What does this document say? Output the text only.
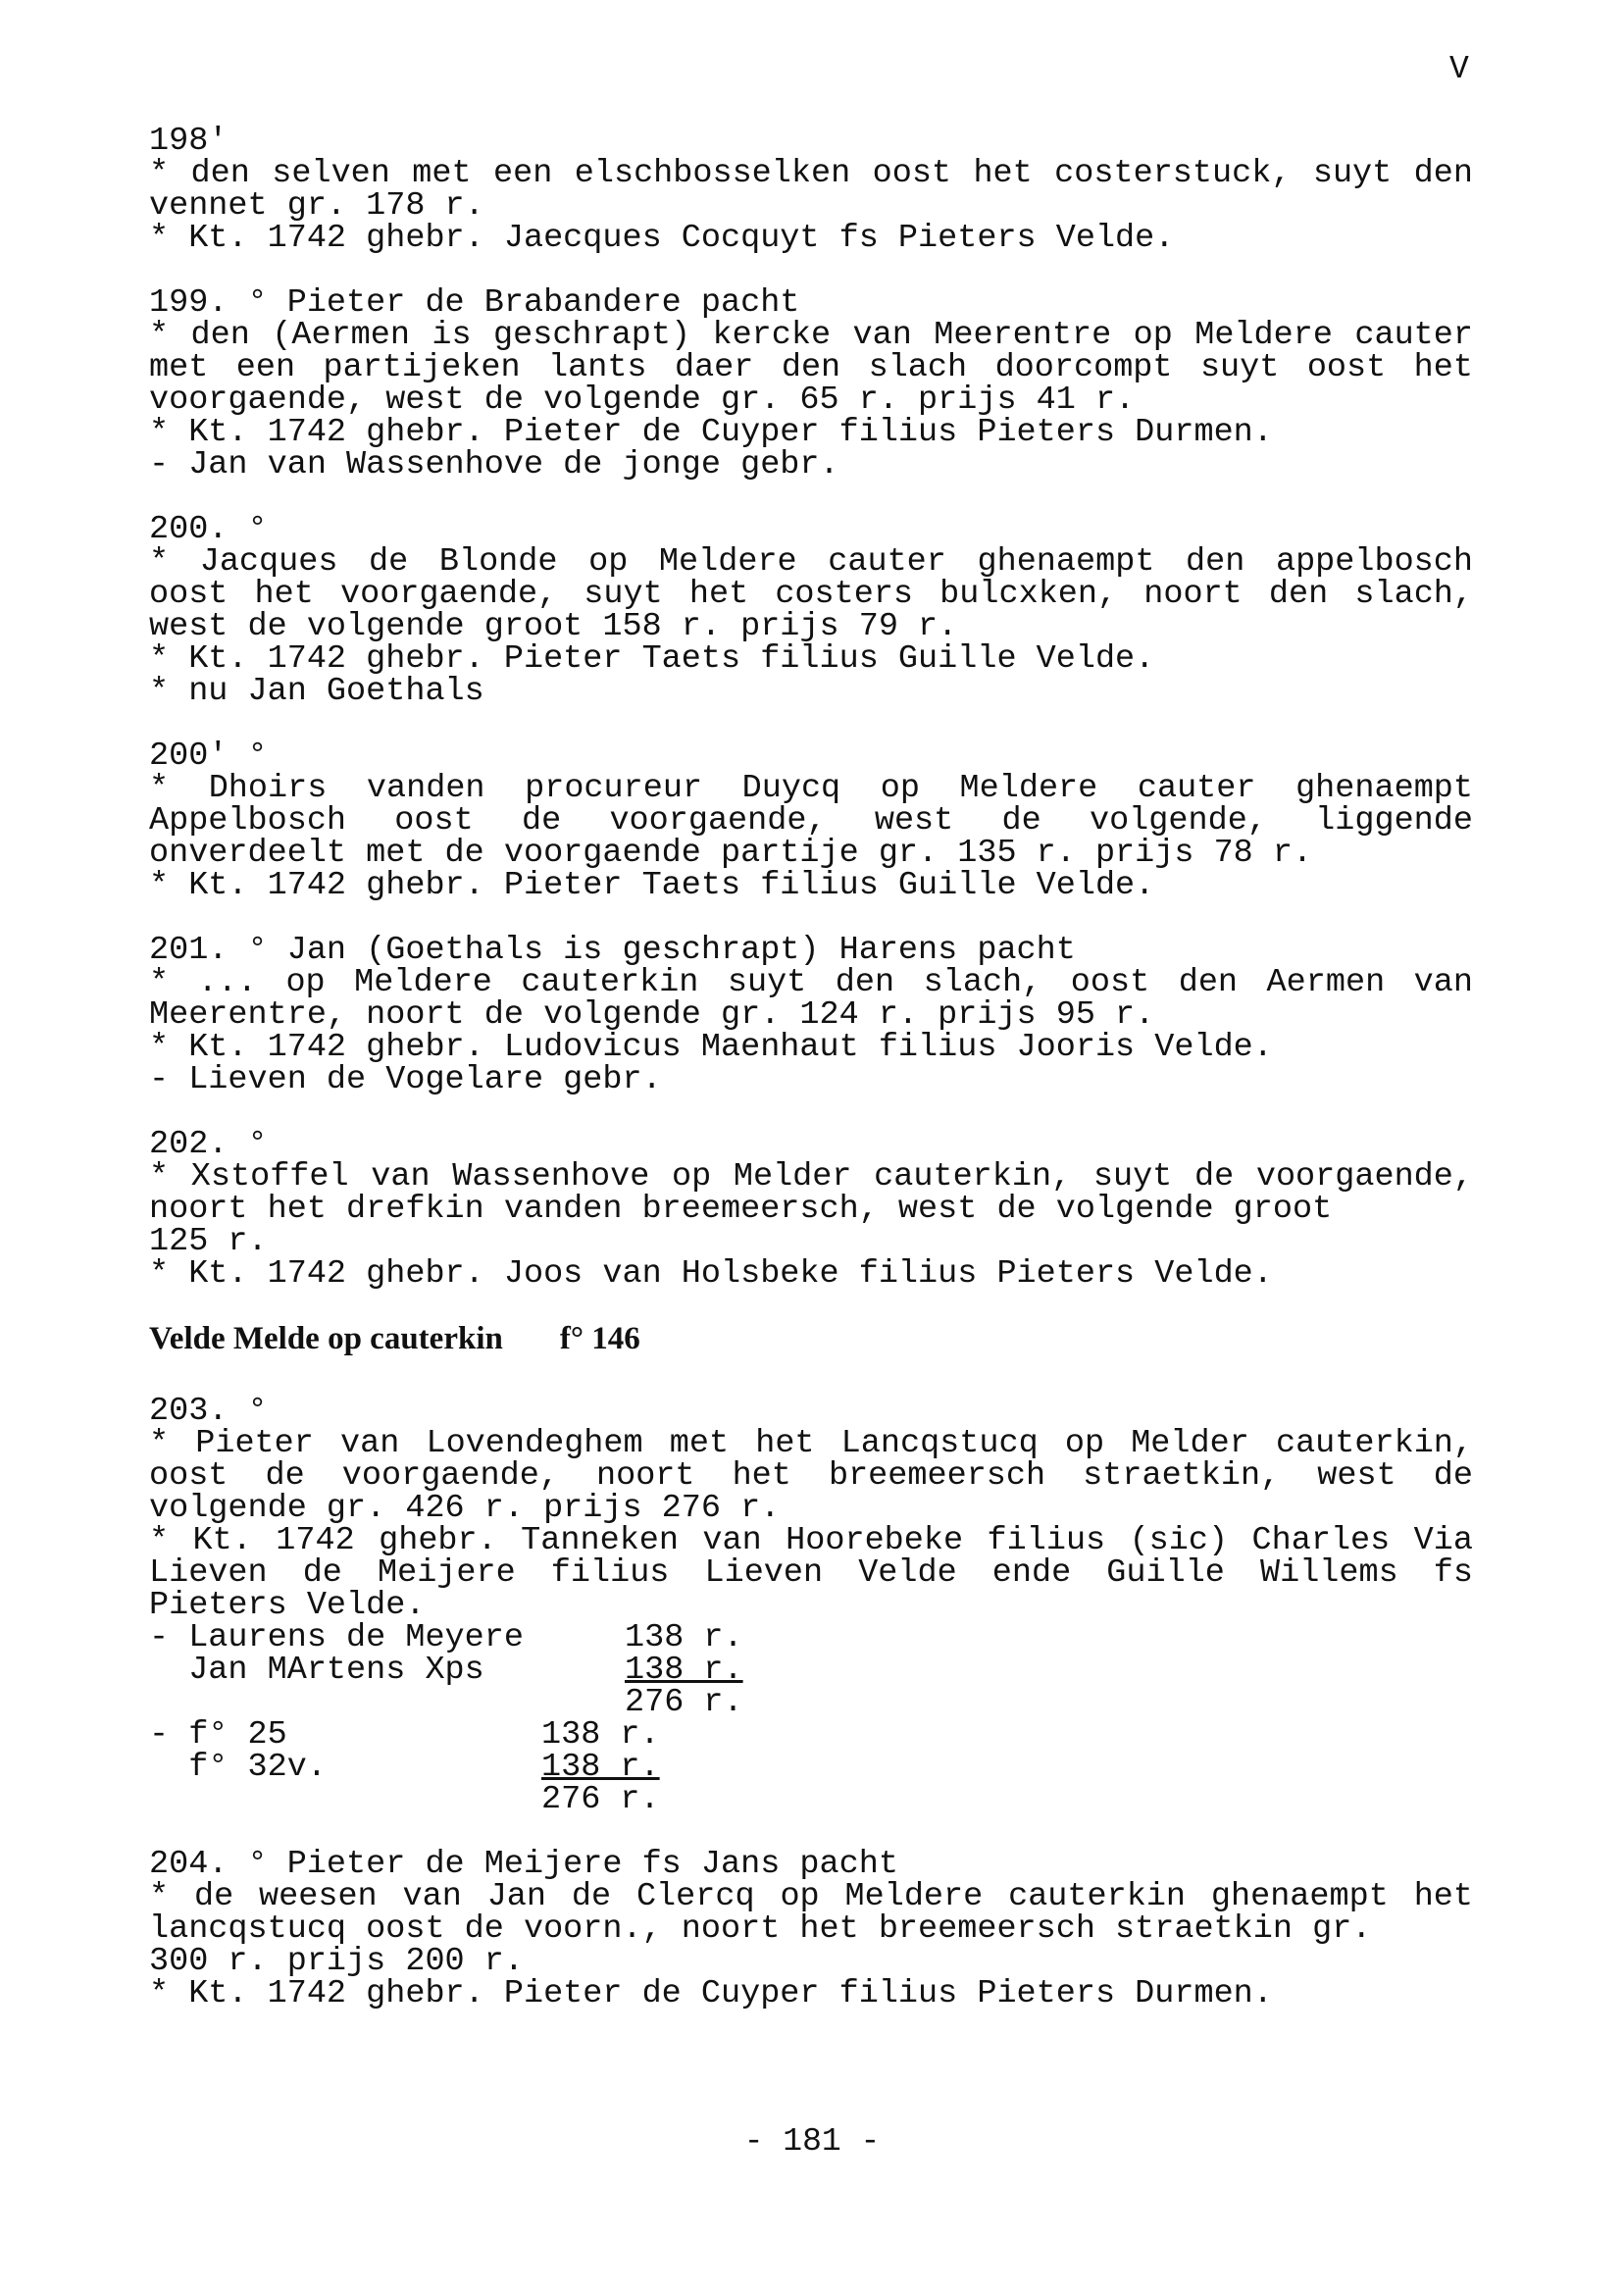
V
198′
* den selven met een elschbosselken oost het costerstuck, suyt den
vennet gr. 178 r.
* Kt. 1742 ghebr. Jaecques Cocquyt fs Pieters Velde.
199. ° Pieter de Brabandere pacht
* den (Aermen is geschrapt) kercke van Meerentre op Meldere cauter
met een partijeken lants daer den slach doorcompt suyt oost het
voorgaende, west de volgende gr. 65 r. prijs 41 r.
* Kt. 1742 ghebr. Pieter de Cuyper filius Pieters Durmen.
- Jan van Wassenhove de jonge gebr.
200. °
* Jacques de Blonde op Meldere cauter ghenaempt den appelbosch
oost het voorgaende, suyt het costers bulcxken, noort den slach,
west de volgende groot 158 r. prijs 79 r.
* Kt. 1742 ghebr. Pieter Taets filius Guille Velde.
* nu Jan Goethals
200′ °
* Dhoirs vanden procureur Duycq op Meldere cauter ghenaempt
Appelbosch oost de voorgaende, west de volgende, liggende
onverdeelt met de voorgaende partije gr. 135 r. prijs 78 r.
* Kt. 1742 ghebr. Pieter Taets filius Guille Velde.
201. ° Jan (Goethals is geschrapt) Harens pacht
* ... op Meldere cauterkin suyt den slach, oost den Aermen van
Meerentre, noort de volgende gr. 124 r. prijs 95 r.
* Kt. 1742 ghebr. Ludovicus Maenhaut filius Jooris Velde.
- Lieven de Vogelare gebr.
202. °
* Xstoffel van Wassenhove op Melder cauterkin, suyt de voorgaende,
noort het drefkin vanden breemeersch, west de volgende groot
125 r.
* Kt. 1742 ghebr. Joos van Holsbeke filius Pieters Velde.
Velde Melde op cauterkin f° 146
203. °
* Pieter van Lovendeghem met het Lancqstucq op Melder cauterkin,
oost de voorgaende, noort het breemeersch straetkin, west de
volgende gr. 426 r. prijs 276 r.
* Kt. 1742 ghebr. Tanneken van Hoorebeke filius (sic) Charles Via
Lieven de Meijere filius Lieven Velde ende Guille Willems fs
Pieters Velde.
- Laurens de Meyere	138 r.
Jan MArtens Xps	138 r.
276 r.
- f° 25	138 r.
f° 32v.	138 r.
276 r.
204. ° Pieter de Meijere fs Jans pacht
* de weesen van Jan de Clercq op Meldere cauterkin ghenaempt het
lancqstucq oost de voorn., noort het breemeersch straetkin gr.
300 r. prijs 200 r.
* Kt. 1742 ghebr. Pieter de Cuyper filius Pieters Durmen.
- 181 -
